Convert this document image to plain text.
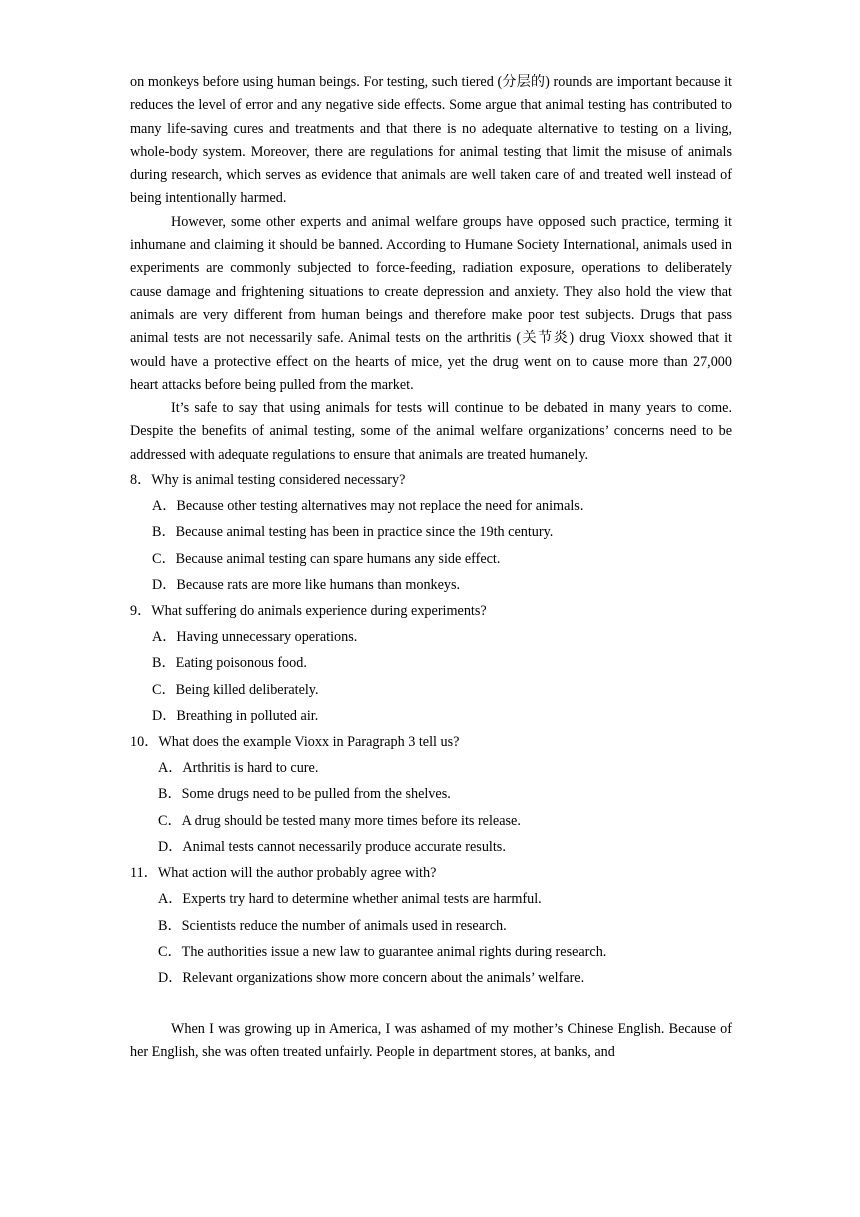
on monkeys before using human beings. For testing, such tiered (分层的) rounds are important because it reduces the level of error and any negative side effects. Some argue that animal testing has contributed to many life-saving cures and treatments and that there is no adequate alternative to testing on a living, whole-body system. Moreover, there are regulations for animal testing that limit the misuse of animals during research, which serves as evidence that animals are well taken care of and treated well instead of being intentionally harmed.

However, some other experts and animal welfare groups have opposed such practice, terming it inhumane and claiming it should be banned. According to Humane Society International, animals used in experiments are commonly subjected to force-feeding, radiation exposure, operations to deliberately cause damage and frightening situations to create depression and anxiety. They also hold the view that animals are very different from human beings and therefore make poor test subjects. Drugs that pass animal tests are not necessarily safe. Animal tests on the arthritis (关节炎) drug Vioxx showed that it would have a protective effect on the hearts of mice, yet the drug went on to cause more than 27,000 heart attacks before being pulled from the market.

It’s safe to say that using animals for tests will continue to be debated in many years to come. Despite the benefits of animal testing, some of the animal welfare organizations’ concerns need to be addressed with adequate regulations to ensure that animals are treated humanely.

8．Why is animal testing considered necessary?

A．Because other testing alternatives may not replace the need for animals.

B．Because animal testing has been in practice since the 19th century.

C．Because animal testing can spare humans any side effect.

D．Because rats are more like humans than monkeys.

9．What suffering do animals experience during experiments?

A．Having unnecessary operations.

B．Eating poisonous food.

C．Being killed deliberately.

D．Breathing in polluted air.

10．What does the example Vioxx in Paragraph 3 tell us?

A．Arthritis is hard to cure.

B．Some drugs need to be pulled from the shelves.

C．A drug should be tested many more times before its release.

D．Animal tests cannot necessarily produce accurate results.

11．What action will the author probably agree with?

A．Experts try hard to determine whether animal tests are harmful.

B．Scientists reduce the number of animals used in research.

C．The authorities issue a new law to guarantee animal rights during research.

D．Relevant organizations show more concern about the animals’ welfare.

When I was growing up in America, I was ashamed of my mother’s Chinese English. Because of her English, she was often treated unfairly. People in department stores, at banks, and
